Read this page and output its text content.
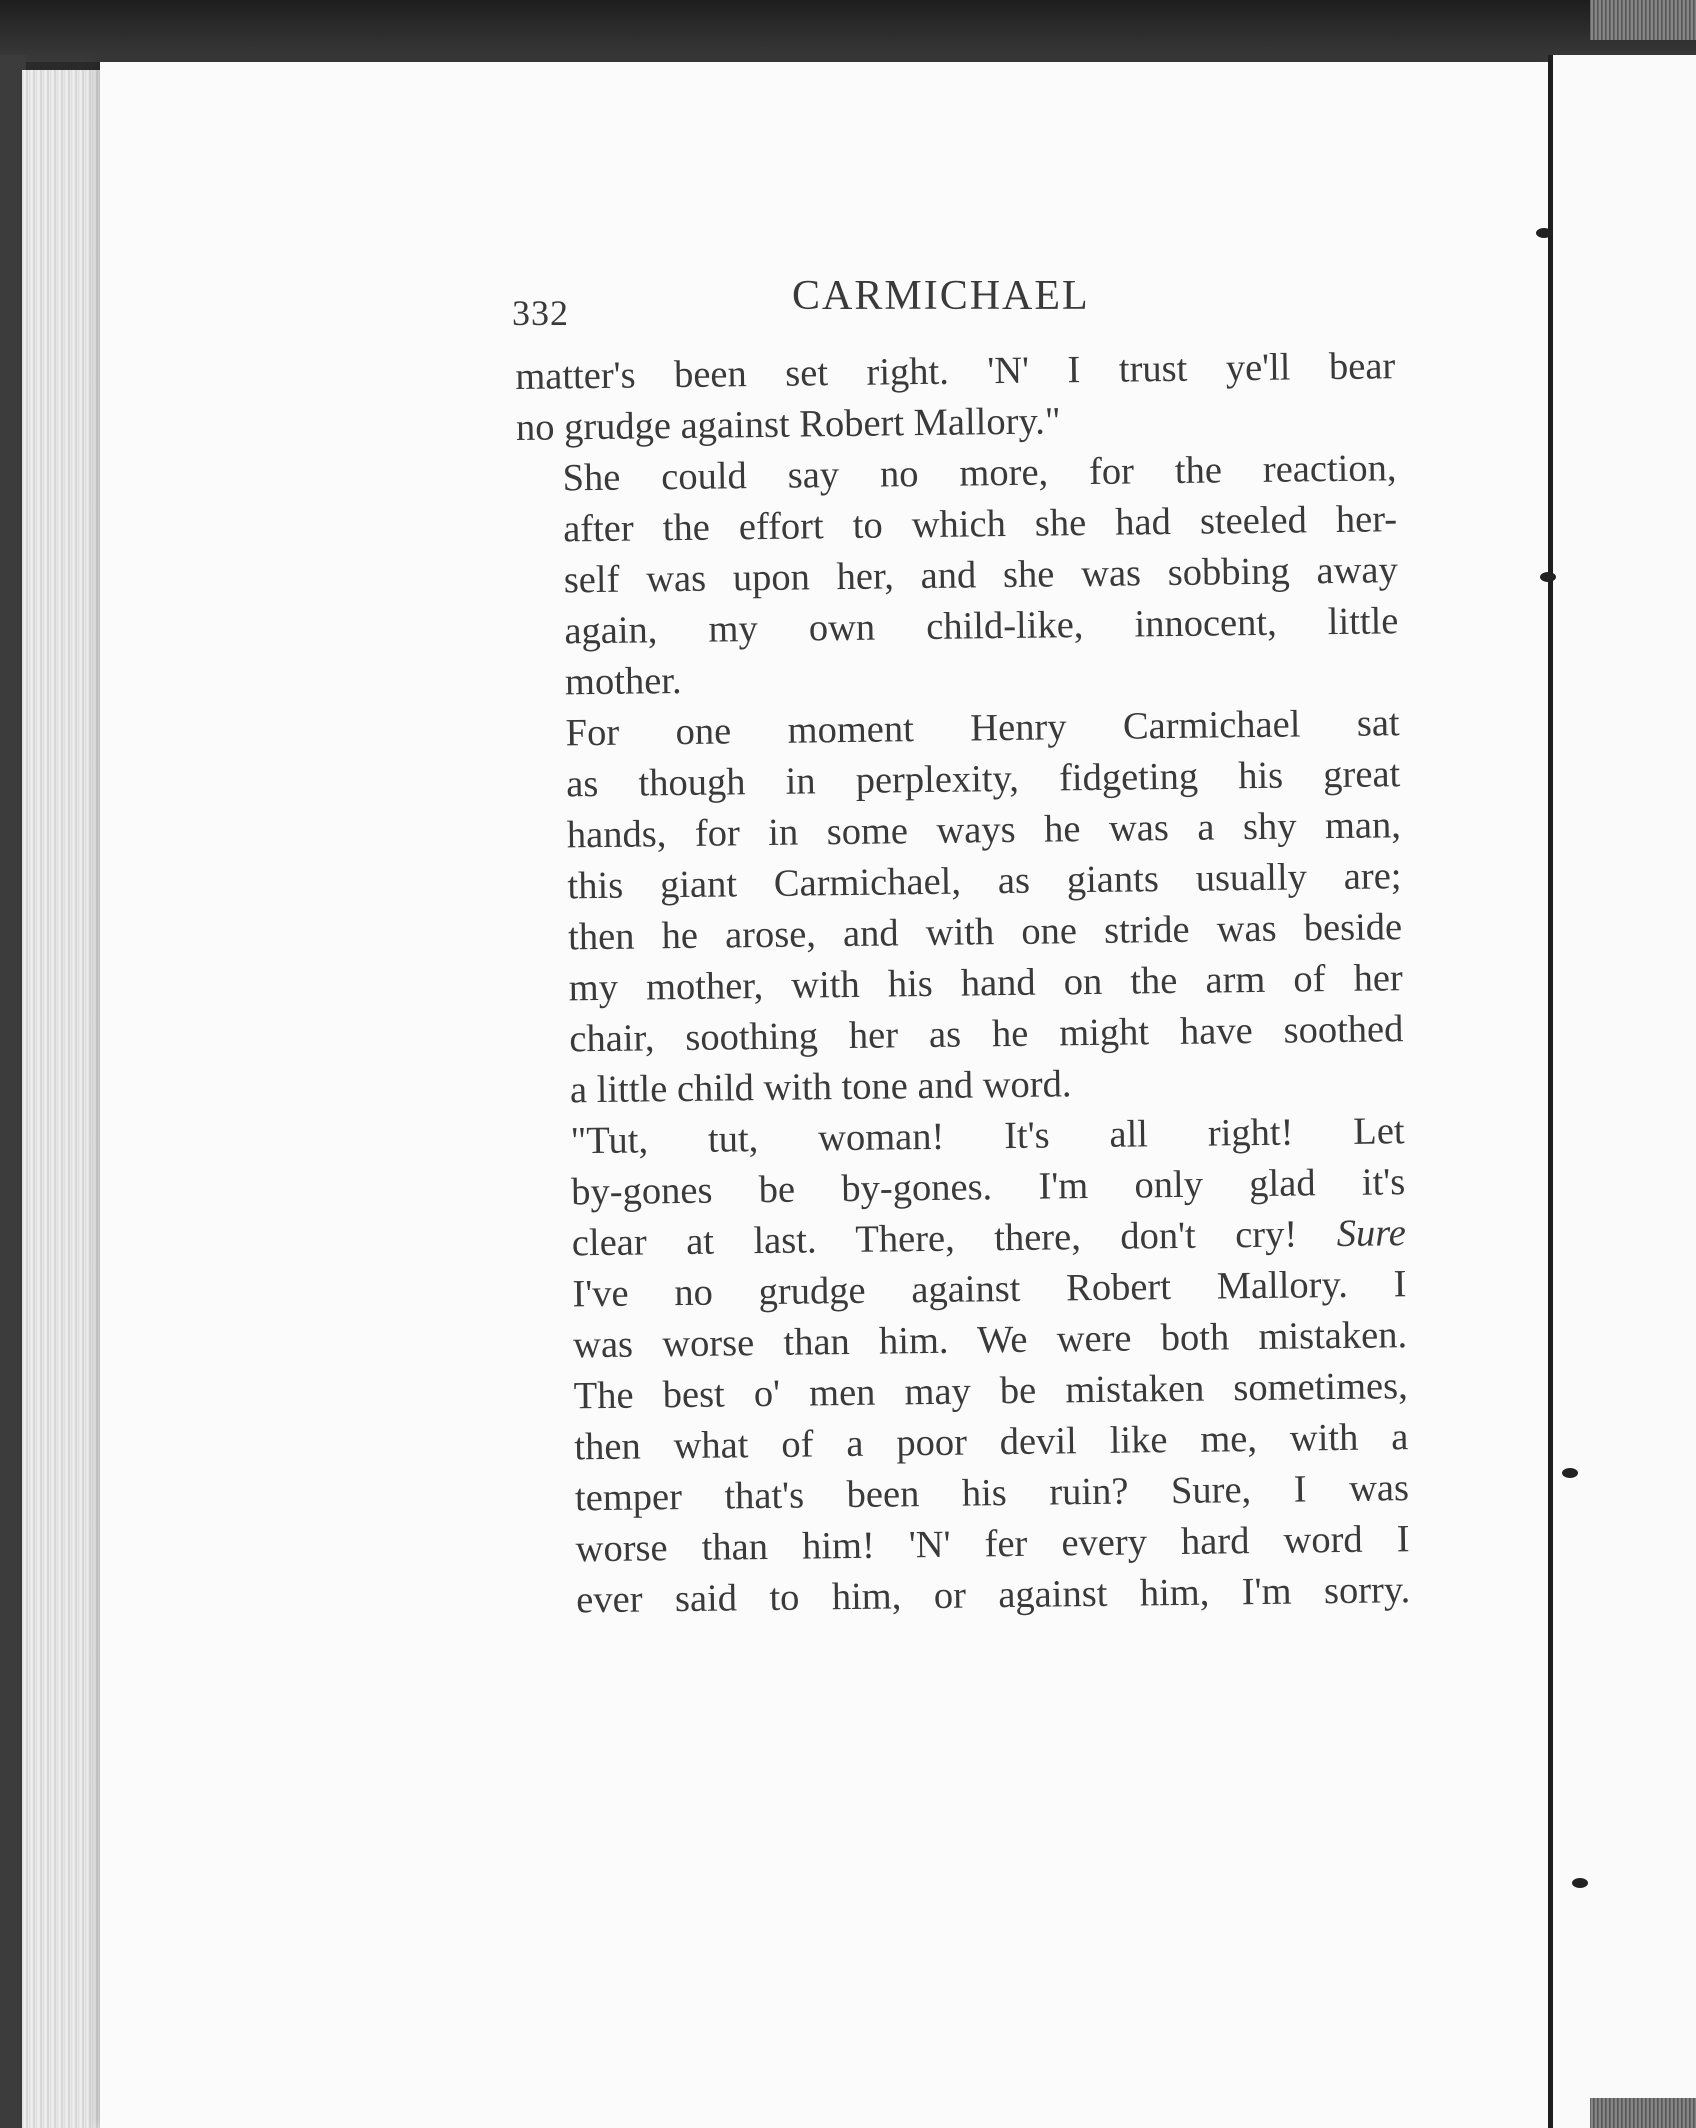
332	CARMICHAEL

matter's been set right. 'N' I trust ye'll bear
no grudge against Robert Mallory."

She could say no more, for the reaction,
after the effort to which she had steeled her-
self was upon her, and she was sobbing away
again, my own child-like, innocent, little
mother.

For one moment Henry Carmichael sat
as though in perplexity, fidgeting his great
hands, for in some ways he was a shy man,
this giant Carmichael, as giants usually are;
then he arose, and with one stride was beside
my mother, with his hand on the arm of her
chair, soothing her as he might have soothed
a little child with tone and word.

"Tut, tut, woman! It's all right! Let
by-gones be by-gones. I'm only glad it's
clear at last. There, there, don't cry! Sure
I've no grudge against Robert Mallory. I
was worse than him. We were both mistaken.
The best o' men may be mistaken sometimes,
then what of a poor devil like me, with a
temper that's been his ruin? Sure, I was
worse than him! 'N' fer every hard word I
ever said to him, or against him, I'm sorry.
